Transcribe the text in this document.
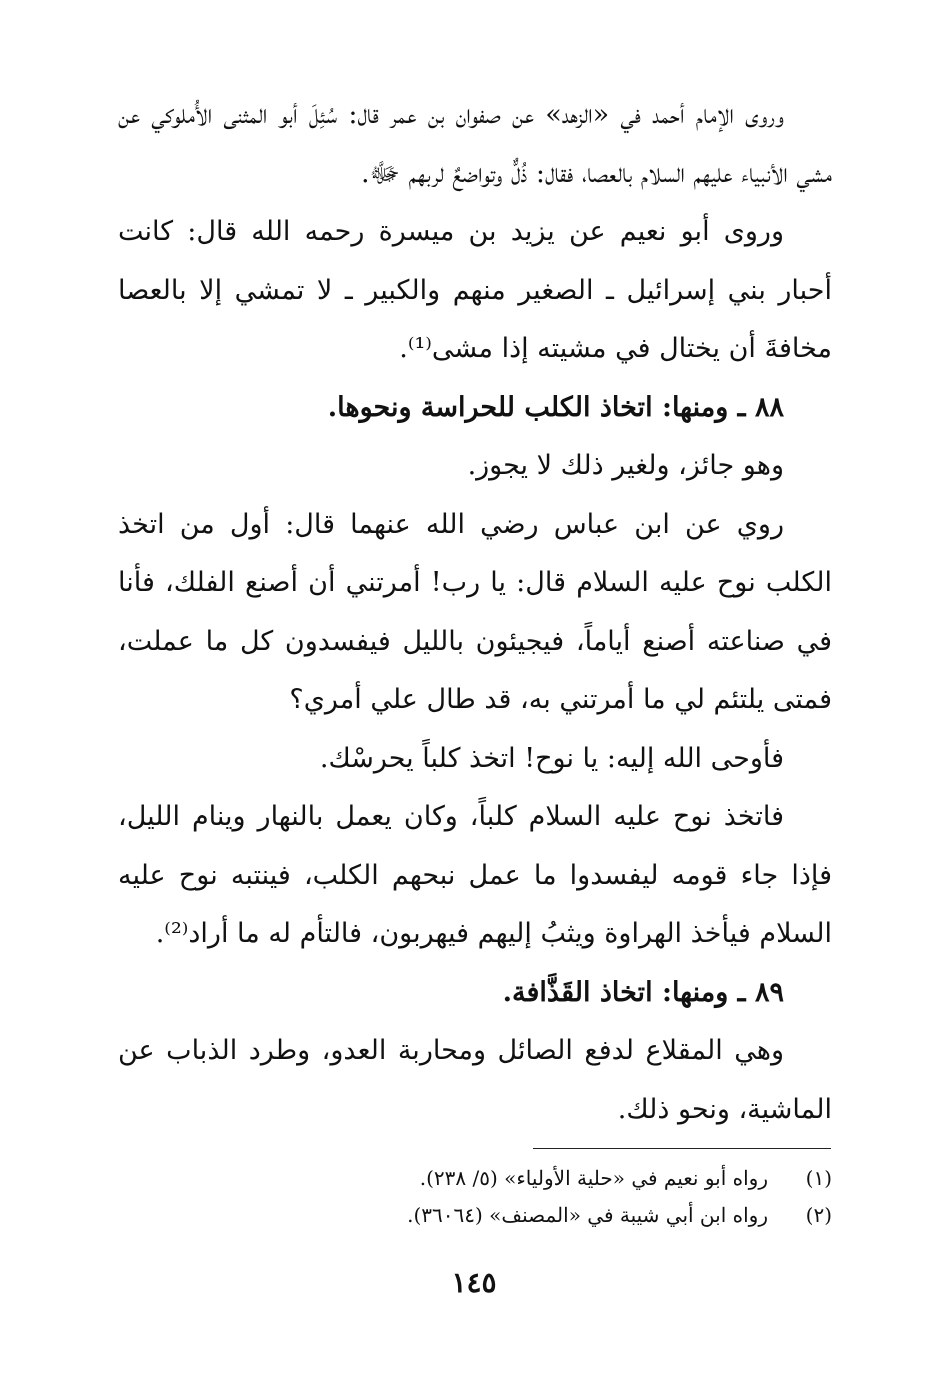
وروى الإمام أحمد في «الزهد» عن صفوان بن عمر قال: سُئِلَ أبو المثنى الأُملوكي عن مشي الأنبياء عليهم السلام بالعصا، فقال: ذُلٌّ وتواضعٌ لربهم ﷻ.

وروى أبو نعيم عن يزيد بن ميسرة رحمه الله قال: كانت أحبار بني إسرائيل ـ الصغير منهم والكبير ـ لا تمشي إلا بالعصا مخافةَ أن يختال في مشيته إذا مشى⁽¹⁾.

٨٨ ـ ومنها: اتخاذ الكلب للحراسة ونحوها.

وهو جائز، ولغير ذلك لا يجوز.

روي عن ابن عباس رضي الله عنهما قال: أول من اتخذ الكلب نوح عليه السلام قال: يا رب! أمرتني أن أصنع الفلك، فأنا في صناعته أصنع أياماً، فيجيئون بالليل فيفسدون كل ما عملت، فمتى يلتئم لي ما أمرتني به، قد طال علي أمري؟

فأوحى الله إليه: يا نوح! اتخذ كلباً يحرسْك.

فاتخذ نوح عليه السلام كلباً، وكان يعمل بالنهار وينام الليل، فإذا جاء قومه ليفسدوا ما عمل نبحهم الكلب، فينتبه نوح عليه السلام فيأخذ الهراوة ويثبُ إليهم فيهربون، فالتأم له ما أراد⁽²⁾.

٨٩ ـ ومنها: اتخاذ القَذَّافة.

وهي المقلاع لدفع الصائل ومحاربة العدو، وطرد الذباب عن الماشية، ونحو ذلك.

(١)رواه أبو نعيم في «حلية الأولياء» (٥/ ٢٣٨).
(٢)رواه ابن أبي شيبة في «المصنف» (٣٦٠٦٤).
١٤٥
